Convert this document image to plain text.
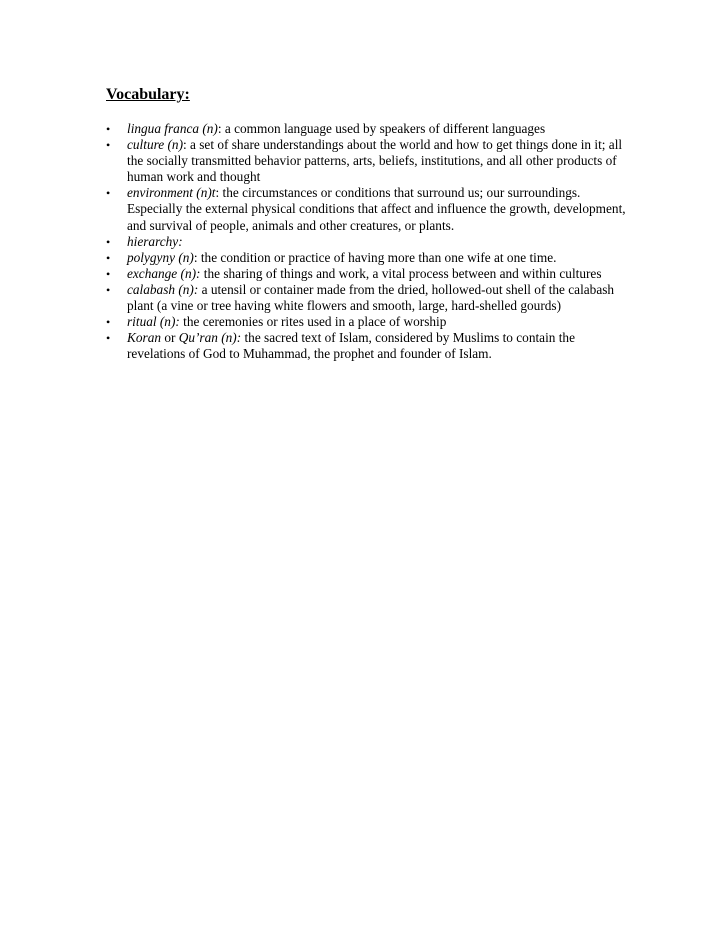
Vocabulary:
•	lingua franca (n): a common language used by speakers of different languages
•	culture (n): a set of share understandings about the world and how to get things done in it; all the socially transmitted behavior patterns, arts, beliefs, institutions, and all other products of human work and thought
•	environment (n)t: the circumstances or conditions that surround us; our surroundings. Especially the external physical conditions that affect and influence the growth, development, and survival of people, animals and other creatures, or plants.
•	hierarchy:
•	polygyny (n): the condition or practice of having more than one wife at one time.
•	exchange (n): the sharing of things and work, a vital process between and within cultures
•	calabash (n): a utensil or container made from the dried, hollowed-out shell of the calabash plant (a vine or tree having white flowers and smooth, large, hard-shelled gourds)
•	ritual (n): the ceremonies or rites used in a place of worship
•	Koran or Qu’ran (n): the sacred text of Islam, considered by Muslims to contain the revelations of God to Muhammad, the prophet and founder of Islam.
